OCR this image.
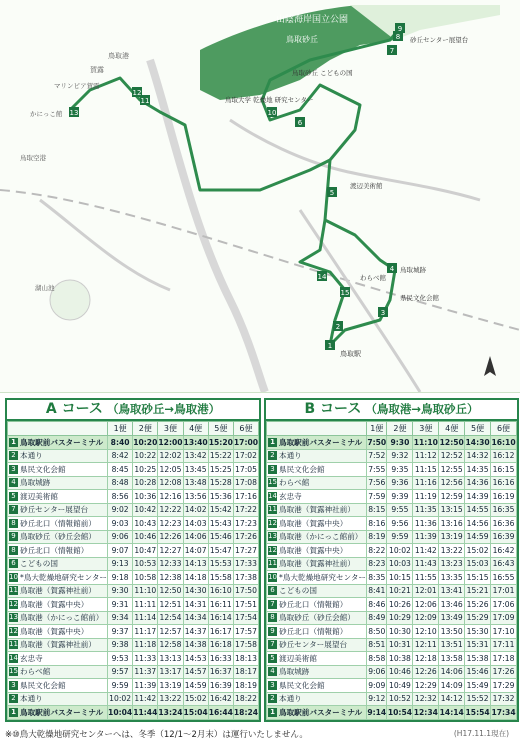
1
2
3
4
5
6
7
8
9
10
11
12
13
14
15
山陰海岸国立公園
鳥取砂丘
鳥取港
賀露
マリンピア賀露
かにっこ館
鳥取大学 乾燥地 研究センター
鳥取砂丘 こどもの国
砂丘センター展望台
渡辺美術館
鳥取城跡
県民文化会館
わらべ館
鳥取駅
湖山池
鳥取空港
A コース （鳥取砂丘→鳥取港）
	1便	2便	3便	4便	5便	6便
1 鳥取駅前バスターミナル	8:40	10:20	12:00	13:40	15:20	17:00
2 本通り	8:42	10:22	12:02	13:42	15:22	17:02
3 県民文化会館	8:45	10:25	12:05	13:45	15:25	17:05
4 鳥取城跡	8:48	10:28	12:08	13:48	15:28	17:08
5 渡辺美術館	8:56	10:36	12:16	13:56	15:36	17:16
7 砂丘センター展望台	9:02	10:42	12:22	14:02	15:42	17:22
8 砂丘北口（情報館前）	9:03	10:43	12:23	14:03	15:43	17:23
9 鳥取砂丘（砂丘会館）	9:06	10:46	12:26	14:06	15:46	17:26
8 砂丘北口（情報館）	9:07	10:47	12:27	14:07	15:47	17:27
6 こどもの国	9:13	10:53	12:33	14:13	15:53	17:33
10 *鳥大乾燥地研究センター	9:18	10:58	12:38	14:18	15:58	17:38
11 鳥取港（賀露神社前）	9:30	11:10	12:50	14:30	16:10	17:50
12 鳥取港（賀露中央）	9:31	11:11	12:51	14:31	16:11	17:51
13 鳥取港（かにっこ館前）	9:34	11:14	12:54	14:34	16:14	17:54
12 鳥取港（賀露中央）	9:37	11:17	12:57	14:37	16:17	17:57
11 鳥取港（賀露神社前）	9:38	11:18	12:58	14:38	16:18	17:58
14 玄忠寺	9:53	11:33	13:13	14:53	16:33	18:13
15 わらべ館	9:57	11:37	13:17	14:57	16:37	18:17
3 県民文化会館	9:59	11:39	13:19	14:59	16:39	18:19
2 本通り	10:02	11:42	13:22	15:02	16:42	18:22
1 鳥取駅前バスターミナル	10:04	11:44	13:24	15:04	16:44	18:24
B コース （鳥取港→鳥取砂丘）
	1便	2便	3便	4便	5便	6便
1 鳥取駅前バスターミナル	7:50	9:30	11:10	12:50	14:30	16:10
2 本通り	7:52	9:32	11:12	12:52	14:32	16:12
3 県民文化会館	7:55	9:35	11:15	12:55	14:35	16:15
15 わらべ館	7:56	9:36	11:16	12:56	14:36	16:16
14 玄忠寺	7:59	9:39	11:19	12:59	14:39	16:19
11 鳥取港（賀露神社前）	8:15	9:55	11:35	13:15	14:55	16:35
12 鳥取港（賀露中央）	8:16	9:56	11:36	13:16	14:56	16:36
13 鳥取港（かにっこ館前）	8:19	9:59	11:39	13:19	14:59	16:39
12 鳥取港（賀露中央）	8:22	10:02	11:42	13:22	15:02	16:42
11 鳥取港（賀露神社前）	8:23	10:03	11:43	13:23	15:03	16:43
10 *鳥大乾燥地研究センター	8:35	10:15	11:55	13:35	15:15	16:55
6 こどもの国	8:41	10:21	12:01	13:41	15:21	17:01
7 砂丘北口（情報館）	8:46	10:26	12:06	13:46	15:26	17:06
8 鳥取砂丘（砂丘会館）	8:49	10:29	12:09	13:49	15:29	17:09
9 砂丘北口（情報館）	8:50	10:30	12:10	13:50	15:30	17:10
7 砂丘センター展望台	8:51	10:31	12:11	13:51	15:31	17:11
5 渡辺美術館	8:58	10:38	12:18	13:58	15:38	17:18
4 鳥取城跡	9:06	10:46	12:26	14:06	15:46	17:26
3 県民文化会館	9:09	10:49	12:29	14:09	15:49	17:29
2 本通り	9:12	10:52	12:32	14:12	15:52	17:32
1 鳥取駅前バスターミナル	9:14	10:54	12:34	14:14	15:54	17:34
※⑩鳥大乾燥地研究センターへは、冬季（12/1〜2月末）は運行いたしません。	(H17.11.1現在)
